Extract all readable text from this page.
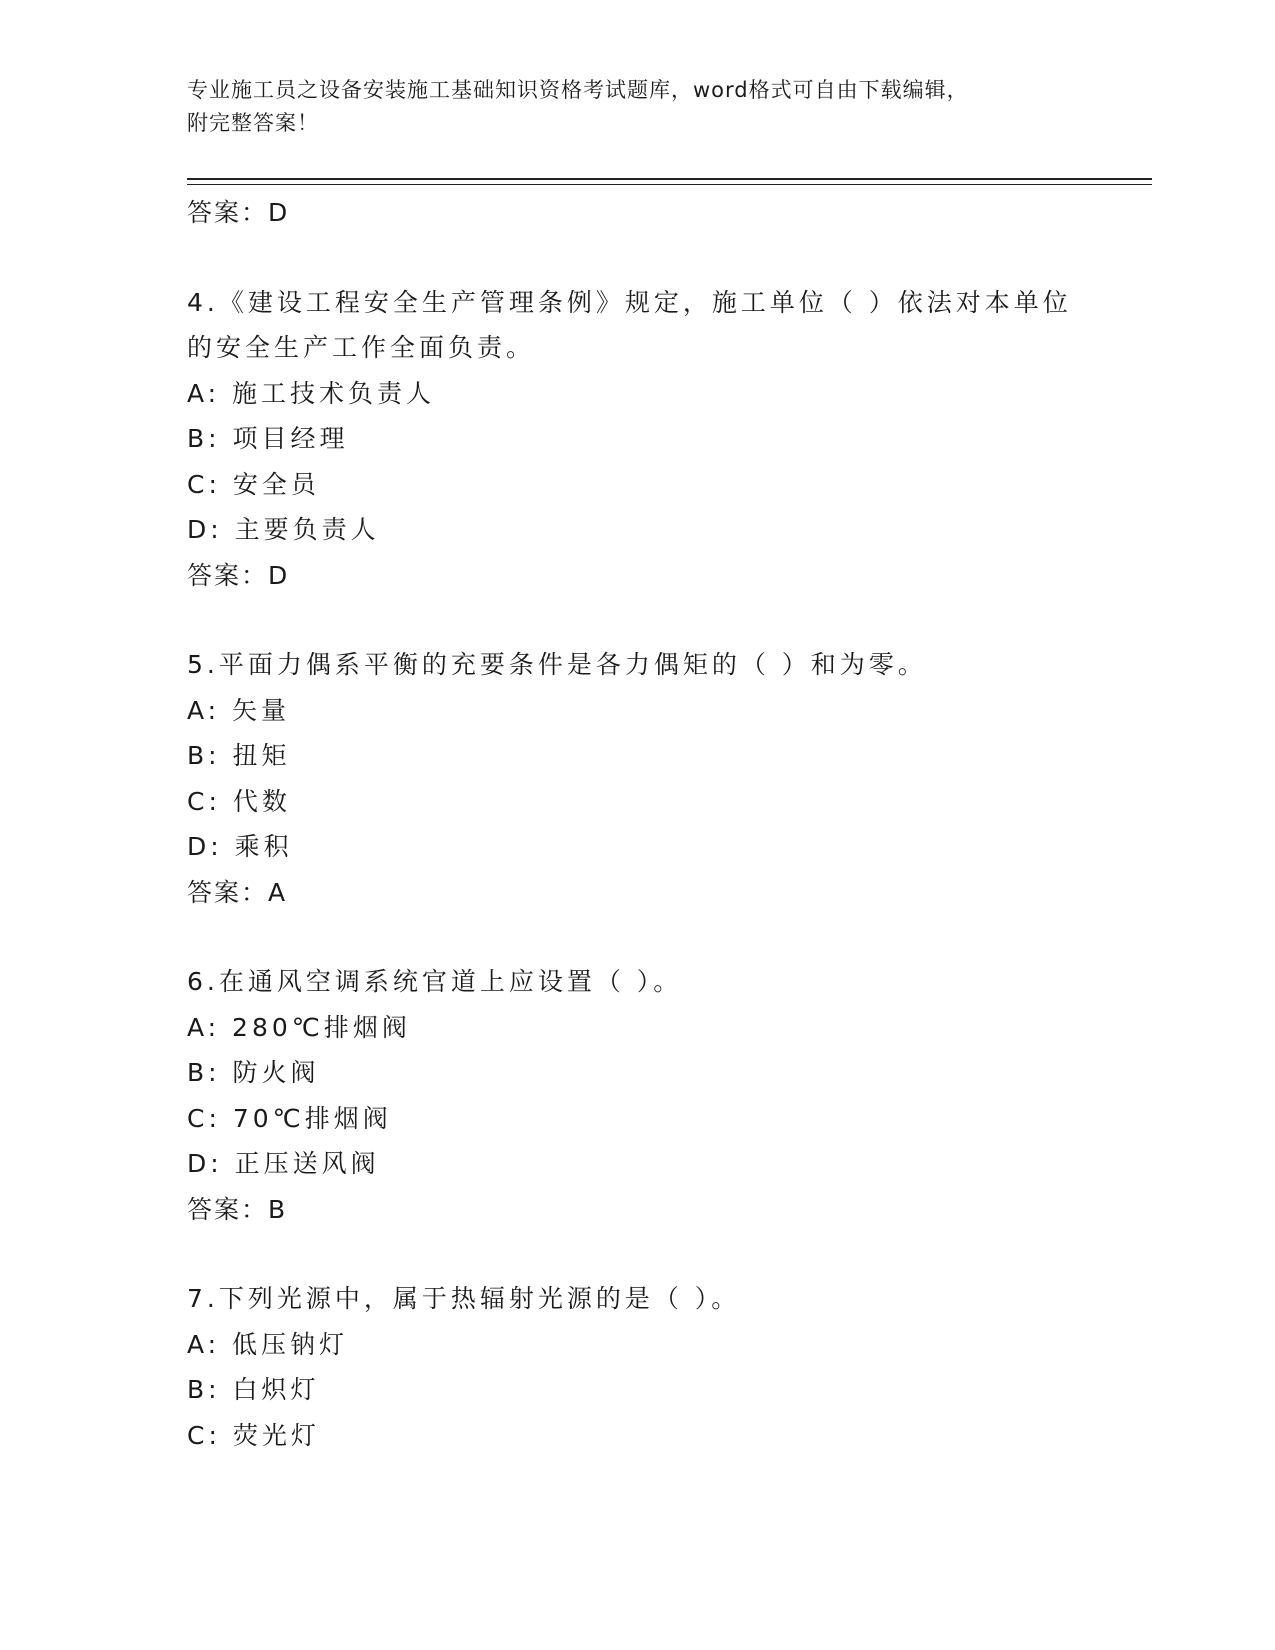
专业施工员之设备安装施工基础知识资格考试题库，word格式可自由下载编辑，
附完整答案！
答案：D
4.《建设工程安全生产管理条例》规定，施工单位（ ）依法对本单位
的安全生产工作全面负责。
A: 施工技术负责人
B: 项目经理
C: 安全员
D: 主要负责人
答案：D
5.平面力偶系平衡的充要条件是各力偶矩的（ ）和为零。
A: 矢量
B: 扭矩
C: 代数
D: 乘积
答案：A
6.在通风空调系统官道上应设置（ ）。
A: 280℃排烟阀
B: 防火阀
C: 70℃排烟阀
D: 正压送风阀
答案：B
7.下列光源中，属于热辐射光源的是（ ）。
A: 低压钠灯
B: 白炽灯
C: 荧光灯
